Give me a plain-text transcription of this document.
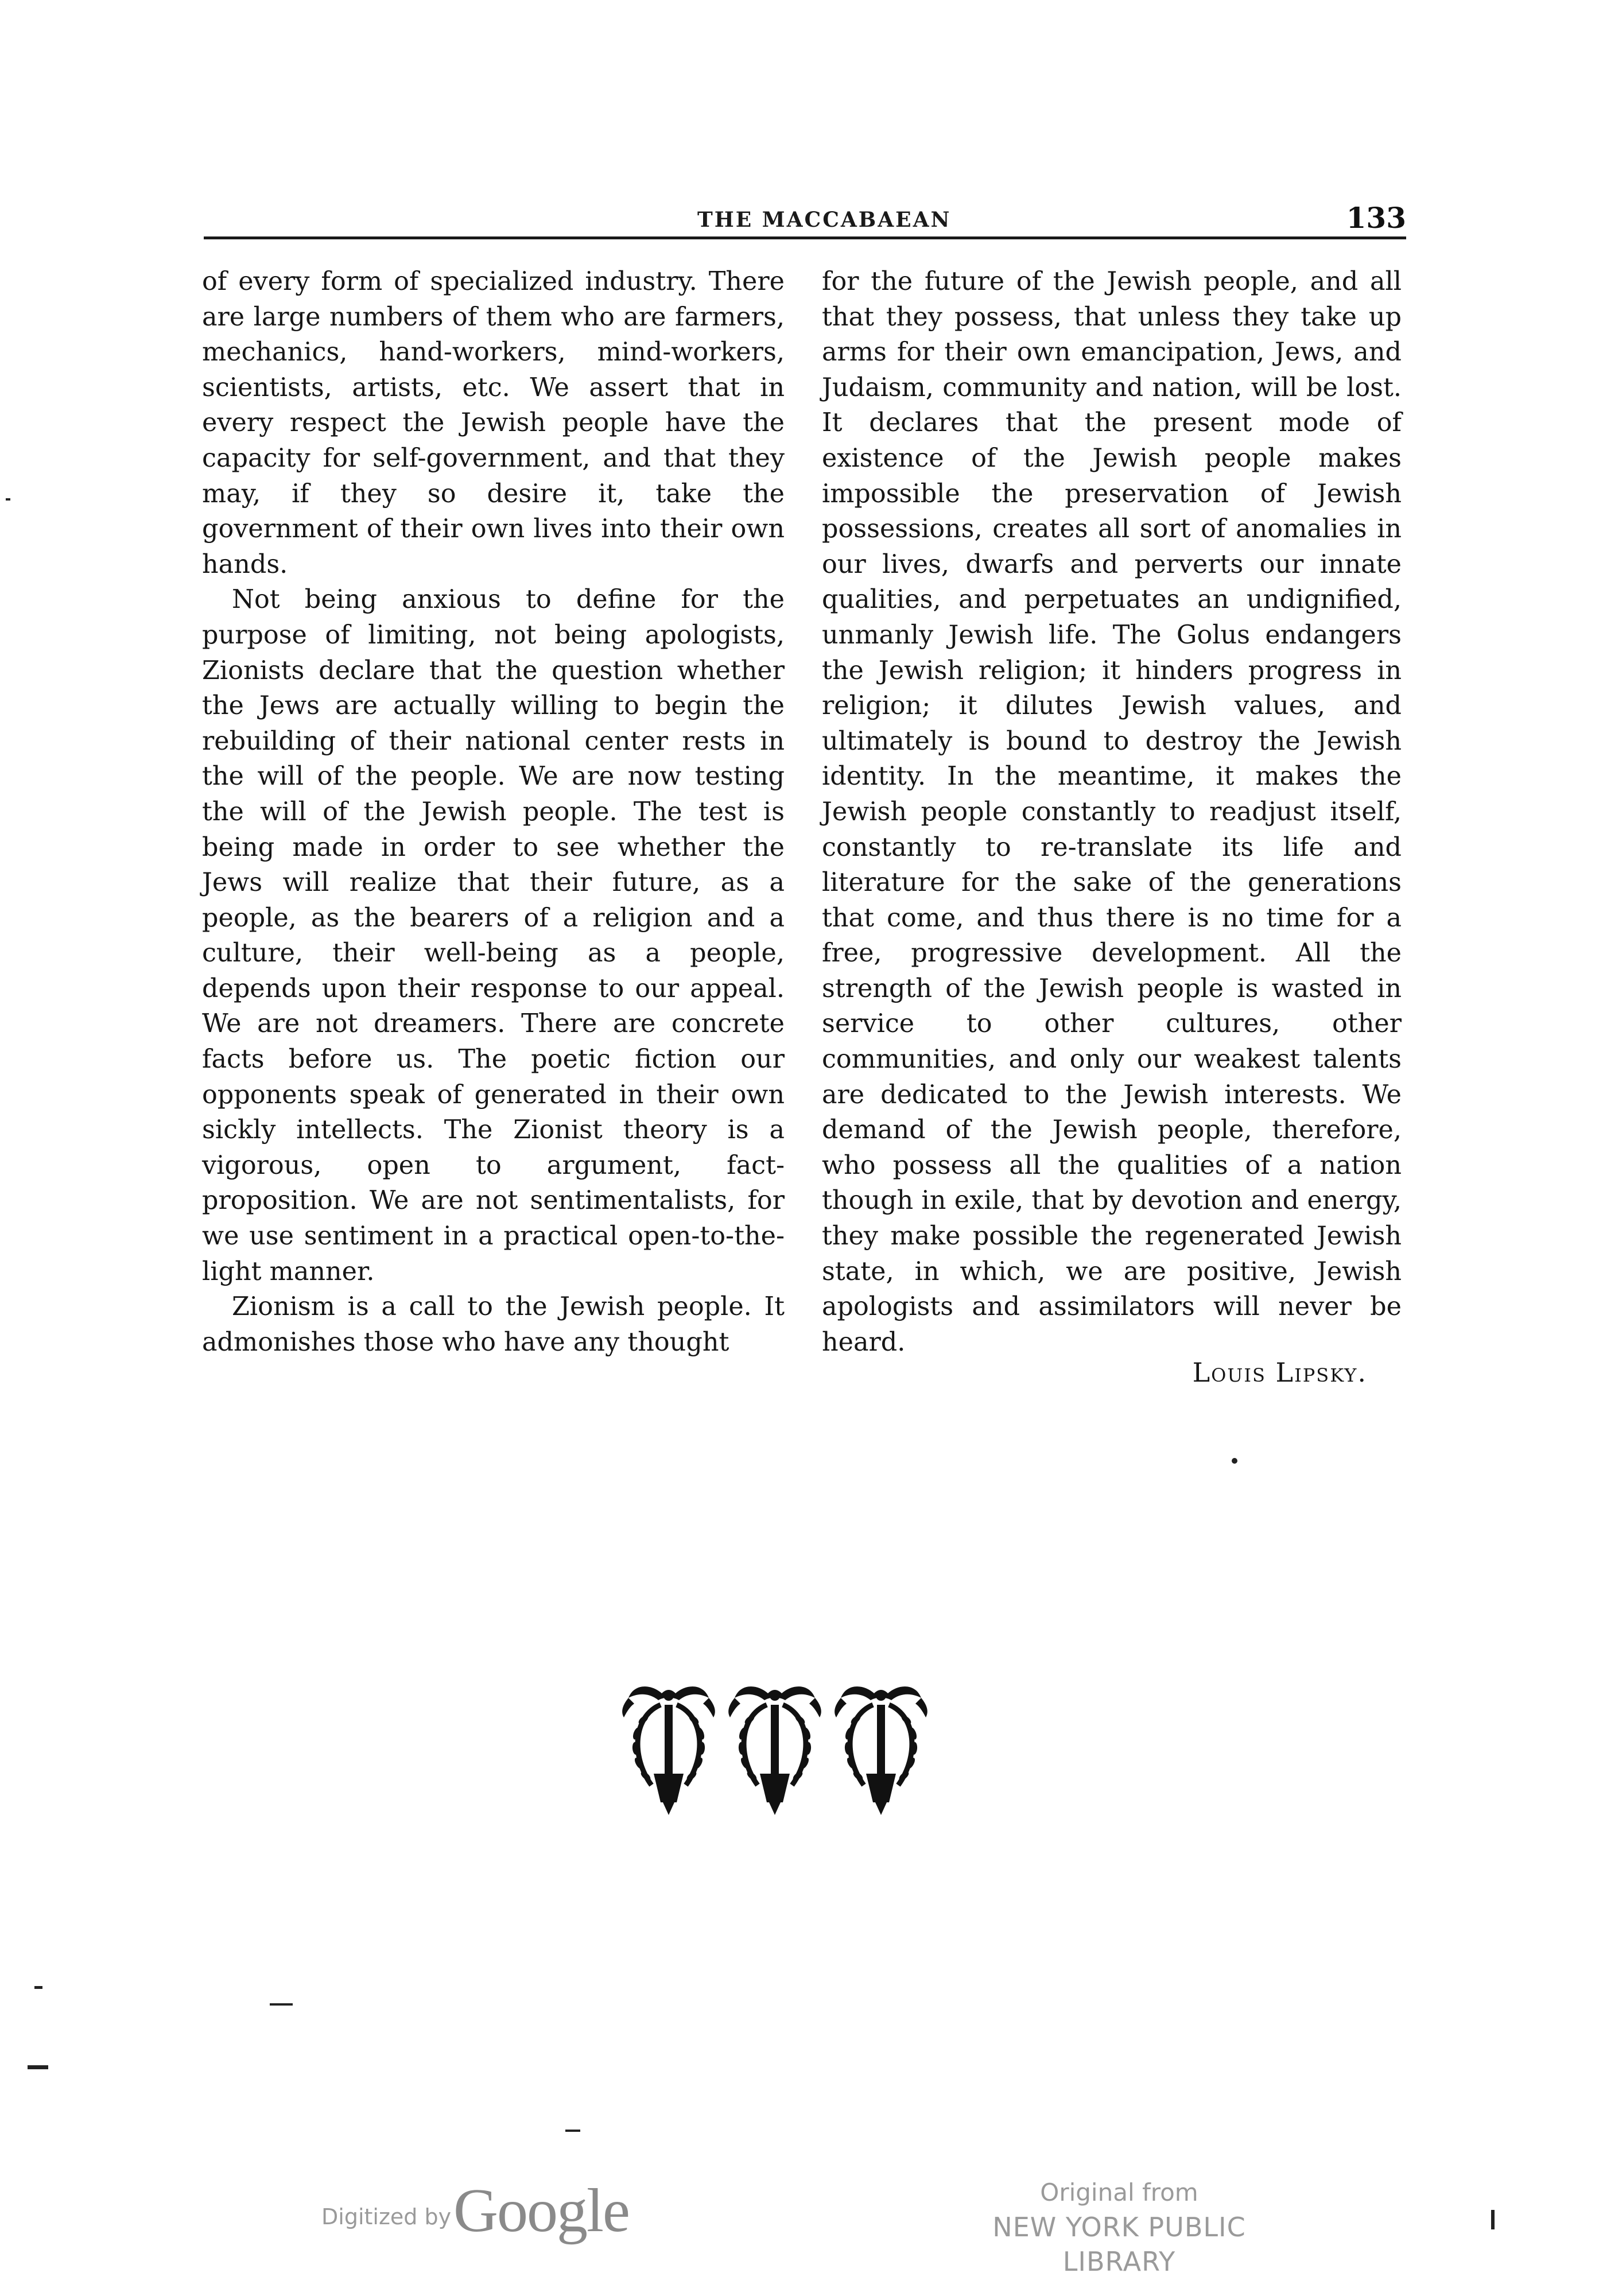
THE MACCABAEAN	133

of every form of specialized industry. There are large numbers of them who are farmers, mechanics, hand-workers, mind-workers, scientists, artists, etc. We assert that in every respect the Jewish people have the capacity for self-government, and that they may, if they so desire it, take the government of their own lives into their own hands.

Not being anxious to define for the purpose of limiting, not being apologists, Zionists declare that the question whether the Jews are actually willing to begin the rebuilding of their national center rests in the will of the people. We are now testing the will of the Jewish people. The test is being made in order to see whether the Jews will realize that their future, as a people, as the bearers of a religion and a culture, their well-being as a people, depends upon their response to our appeal. We are not dreamers. There are concrete facts before us. The poetic fiction our opponents speak of generated in their own sickly intellects. The Zionist theory is a vigorous, open to argument, fact-proposition. We are not sentimentalists, for we use sentiment in a practical open-to-the-light manner.

Zionism is a call to the Jewish people. It admonishes those who have any thought

for the future of the Jewish people, and all that they possess, that unless they take up arms for their own emancipation, Jews, and Judaism, community and nation, will be lost. It declares that the present mode of existence of the Jewish people makes impossible the preservation of Jewish possessions, creates all sort of anomalies in our lives, dwarfs and perverts our innate qualities, and perpetuates an undignified, unmanly Jewish life. The Golus endangers the Jewish religion; it hinders progress in religion; it dilutes Jewish values, and ultimately is bound to destroy the Jewish identity. In the meantime, it makes the Jewish people constantly to readjust itself, constantly to re-translate its life and literature for the sake of the generations that come, and thus there is no time for a free, progressive development. All the strength of the Jewish people is wasted in service to other cultures, other communities, and only our weakest talents are dedicated to the Jewish interests. We demand of the Jewish people, therefore, who possess all the qualities of a nation though in exile, that by devotion and energy, they make possible the regenerated Jewish state, in which, we are positive, Jewish apologists and assimilators will never be heard.

Louis Lipsky.
Digitized by Google	Original from
NEW YORK PUBLIC LIBRARY
